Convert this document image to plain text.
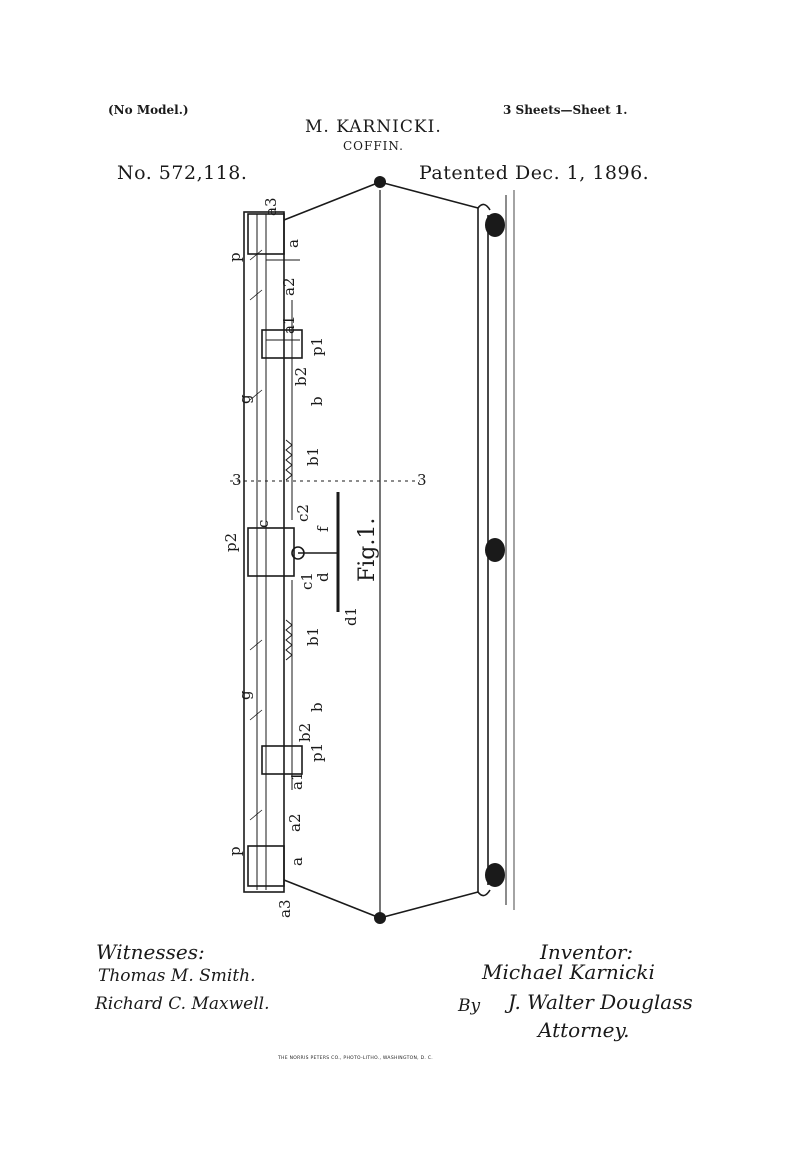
(No Model.)	3 Sheets—Sheet 1.
M. KARNICKI.
COFFIN.
No. 572,118.	Patented Dec. 1, 1896.
3	3
a3
p
a
a2
a1
p1
b2
b
b1
c
c2
f
p2
d
c1
d1
g
g
b1
b
b2
p1
a1
a2
p
a
a3
Fig.1.
Witnesses:
Thomas M. Smith.
Richard C. Maxwell.
Inventor:
Michael Karnicki
By J. Walter Douglass
Attorney.
THE NORRIS PETERS CO., PHOTO-LITHO., WASHINGTON, D. C.
